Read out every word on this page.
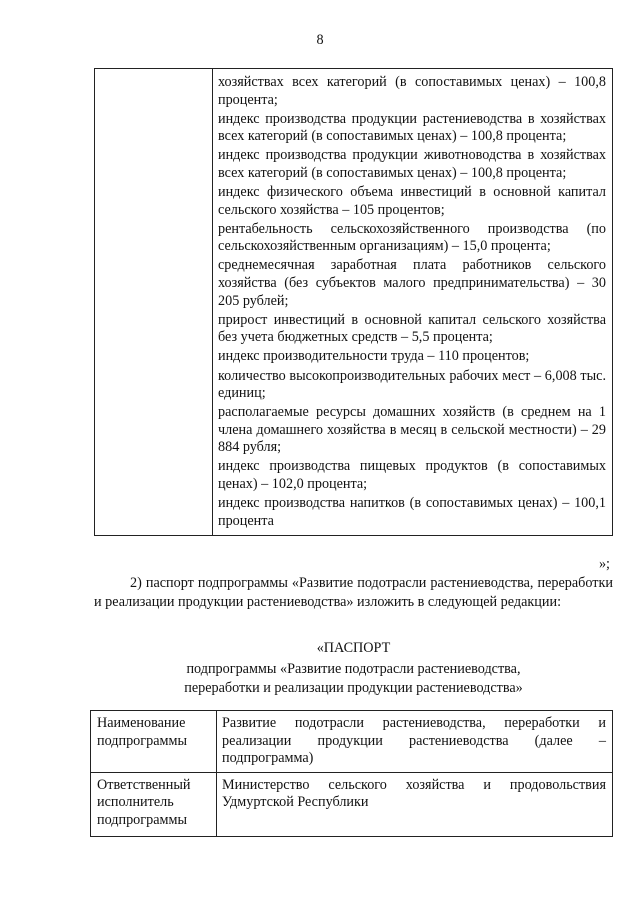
8

хозяйствах всех категорий (в сопоставимых ценах) – 100,8 процента;

индекс производства продукции растениеводства в хозяйствах всех категорий (в сопоставимых ценах) – 100,8 процента;

индекс производства продукции животноводства в хозяйствах всех категорий (в сопоставимых ценах) – 100,8 процента;

индекс физического объема инвестиций в основной капитал сельского хозяйства – 105 процентов;

рентабельность сельскохозяйственного производства (по сельскохозяйственным организациям) – 15,0 процента;

среднемесячная заработная плата работников сельского хозяйства (без субъектов малого предпринимательства) – 30 205 рублей;

прирост инвестиций в основной капитал сельского хозяйства без учета бюджетных средств – 5,5 процента;

индекс производительности труда – 110 процентов;

количество высокопроизводительных рабочих мест – 6,008 тыс. единиц;

располагаемые ресурсы домашних хозяйств (в среднем на 1 члена домашнего хозяйства в месяц в сельской местности) – 29 884 рубля;

индекс производства пищевых продуктов (в сопоставимых ценах) – 102,0 процента;

индекс производства напитков (в сопоставимых ценах) – 100,1 процента

»;
2) паспорт подпрограммы «Развитие подотрасли растениеводства, переработки и реализации продукции растениеводства» изложить в следующей редакции:
«ПАСПОРТ
подпрограммы «Развитие подотрасли растениеводства,
переработки и реализации продукции растениеводства»
Наименование подпрограммы	Развитие подотрасли растениеводства, переработки и реализации продукции растениеводства (далее – подпрограмма)
Ответственный исполнитель подпрограммы	Министерство сельского хозяйства и продовольствия Удмуртской Республики
